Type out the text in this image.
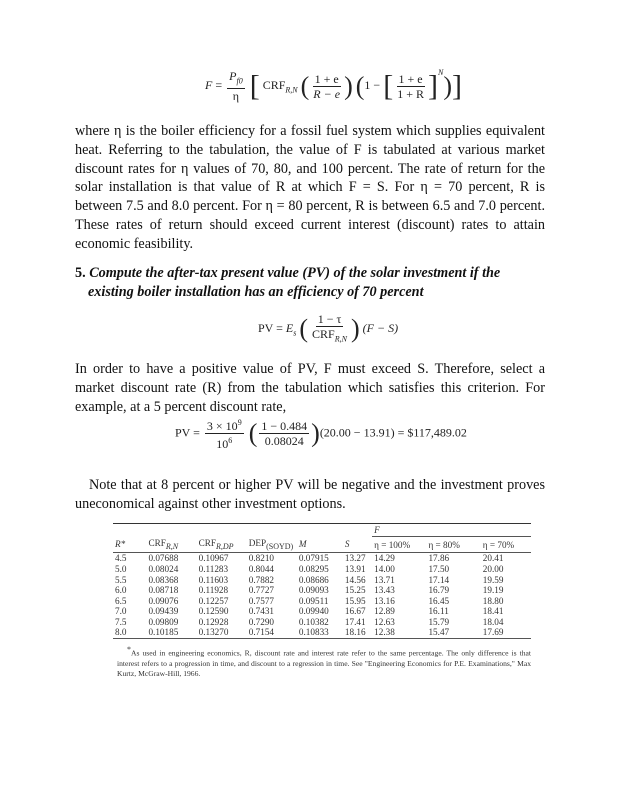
$F = \frac{P_{f0}}{\eta}$ [ $CRF_{R,N}$ ( $\frac{1 + e}{R - e}$ ) (1 − [ $\frac{1 + e}{1 + R} ]^N$)]

where η is the boiler efficiency for a fossil fuel system which supplies equivalent heat. Referring to the tabulation, the value of F is tabulated at various market discount rates for η values of 70, 80, and 100 percent. The rate of return for the solar installation is that value of R at which F = S. For η = 70 percent, R is between 7.5 and 8.0 percent. For η = 80 percent, R is between 6.5 and 7.0 percent. These rates of return should exceed current interest (discount) rates to attain economic feasibility.

5. Compute the after-tax present value (PV) of the solar investment if the
existing boiler installation has an efficiency of 70 percent

PV = $E_s$ ( $\frac{1 - \tau}{CRF_{R,N}}$ ) (F − S)

In order to have a positive value of PV, F must exceed S. Therefore, select a market discount rate (R) from the tabulation which satisfies this criterion. For example, at a 5 percent discount rate,

PV = $\frac{3 \times 10^9}{10^6}$ ( $\frac{1 - 0.484}{0.08024} )(20.00 - 13.91)$ = $117,489.02

Note that at 8 percent or higher PV will be negative and the investment proves uneconomical against other investment options.

						F		
R*	$CRF_{R,N}$	$CRF_{R,DP}$	$DEP_{(SOYD)}$	M	S	η = 100%	η = 80%	η = 70%
4.5	0.07688	0.10967	0.8210	0.07915	13.27	14.29	17.86	20.41
5.0	0.08024	0.11283	0.8044	0.08295	13.91	14.00	17.50	20.00
5.5	0.08368	0.11603	0.7882	0.08686	14.56	13.71	17.14	19.59
6.0	0.08718	0.11928	0.7727	0.09093	15.25	13.43	16.79	19.19
6.5	0.09076	0.12257	0.7577	0.09511	15.95	13.16	16.45	18.80
7.0	0.09439	0.12590	0.7431	0.09940	16.67	12.89	16.11	18.41
7.5	0.09809	0.12928	0.7290	0.10382	17.41	12.63	15.79	18.04
8.0	0.10185	0.13270	0.7154	0.10833	18.16	12.38	15.47	17.69
*As used in engineering economics, R, discount rate and interest rate refer to the same percentage. The only difference is that interest refers to a progression in time, and discount to a regression in time. See "Engineering Economics for P.E. Examinations," Max Kurtz, McGraw-Hill, 1966.
